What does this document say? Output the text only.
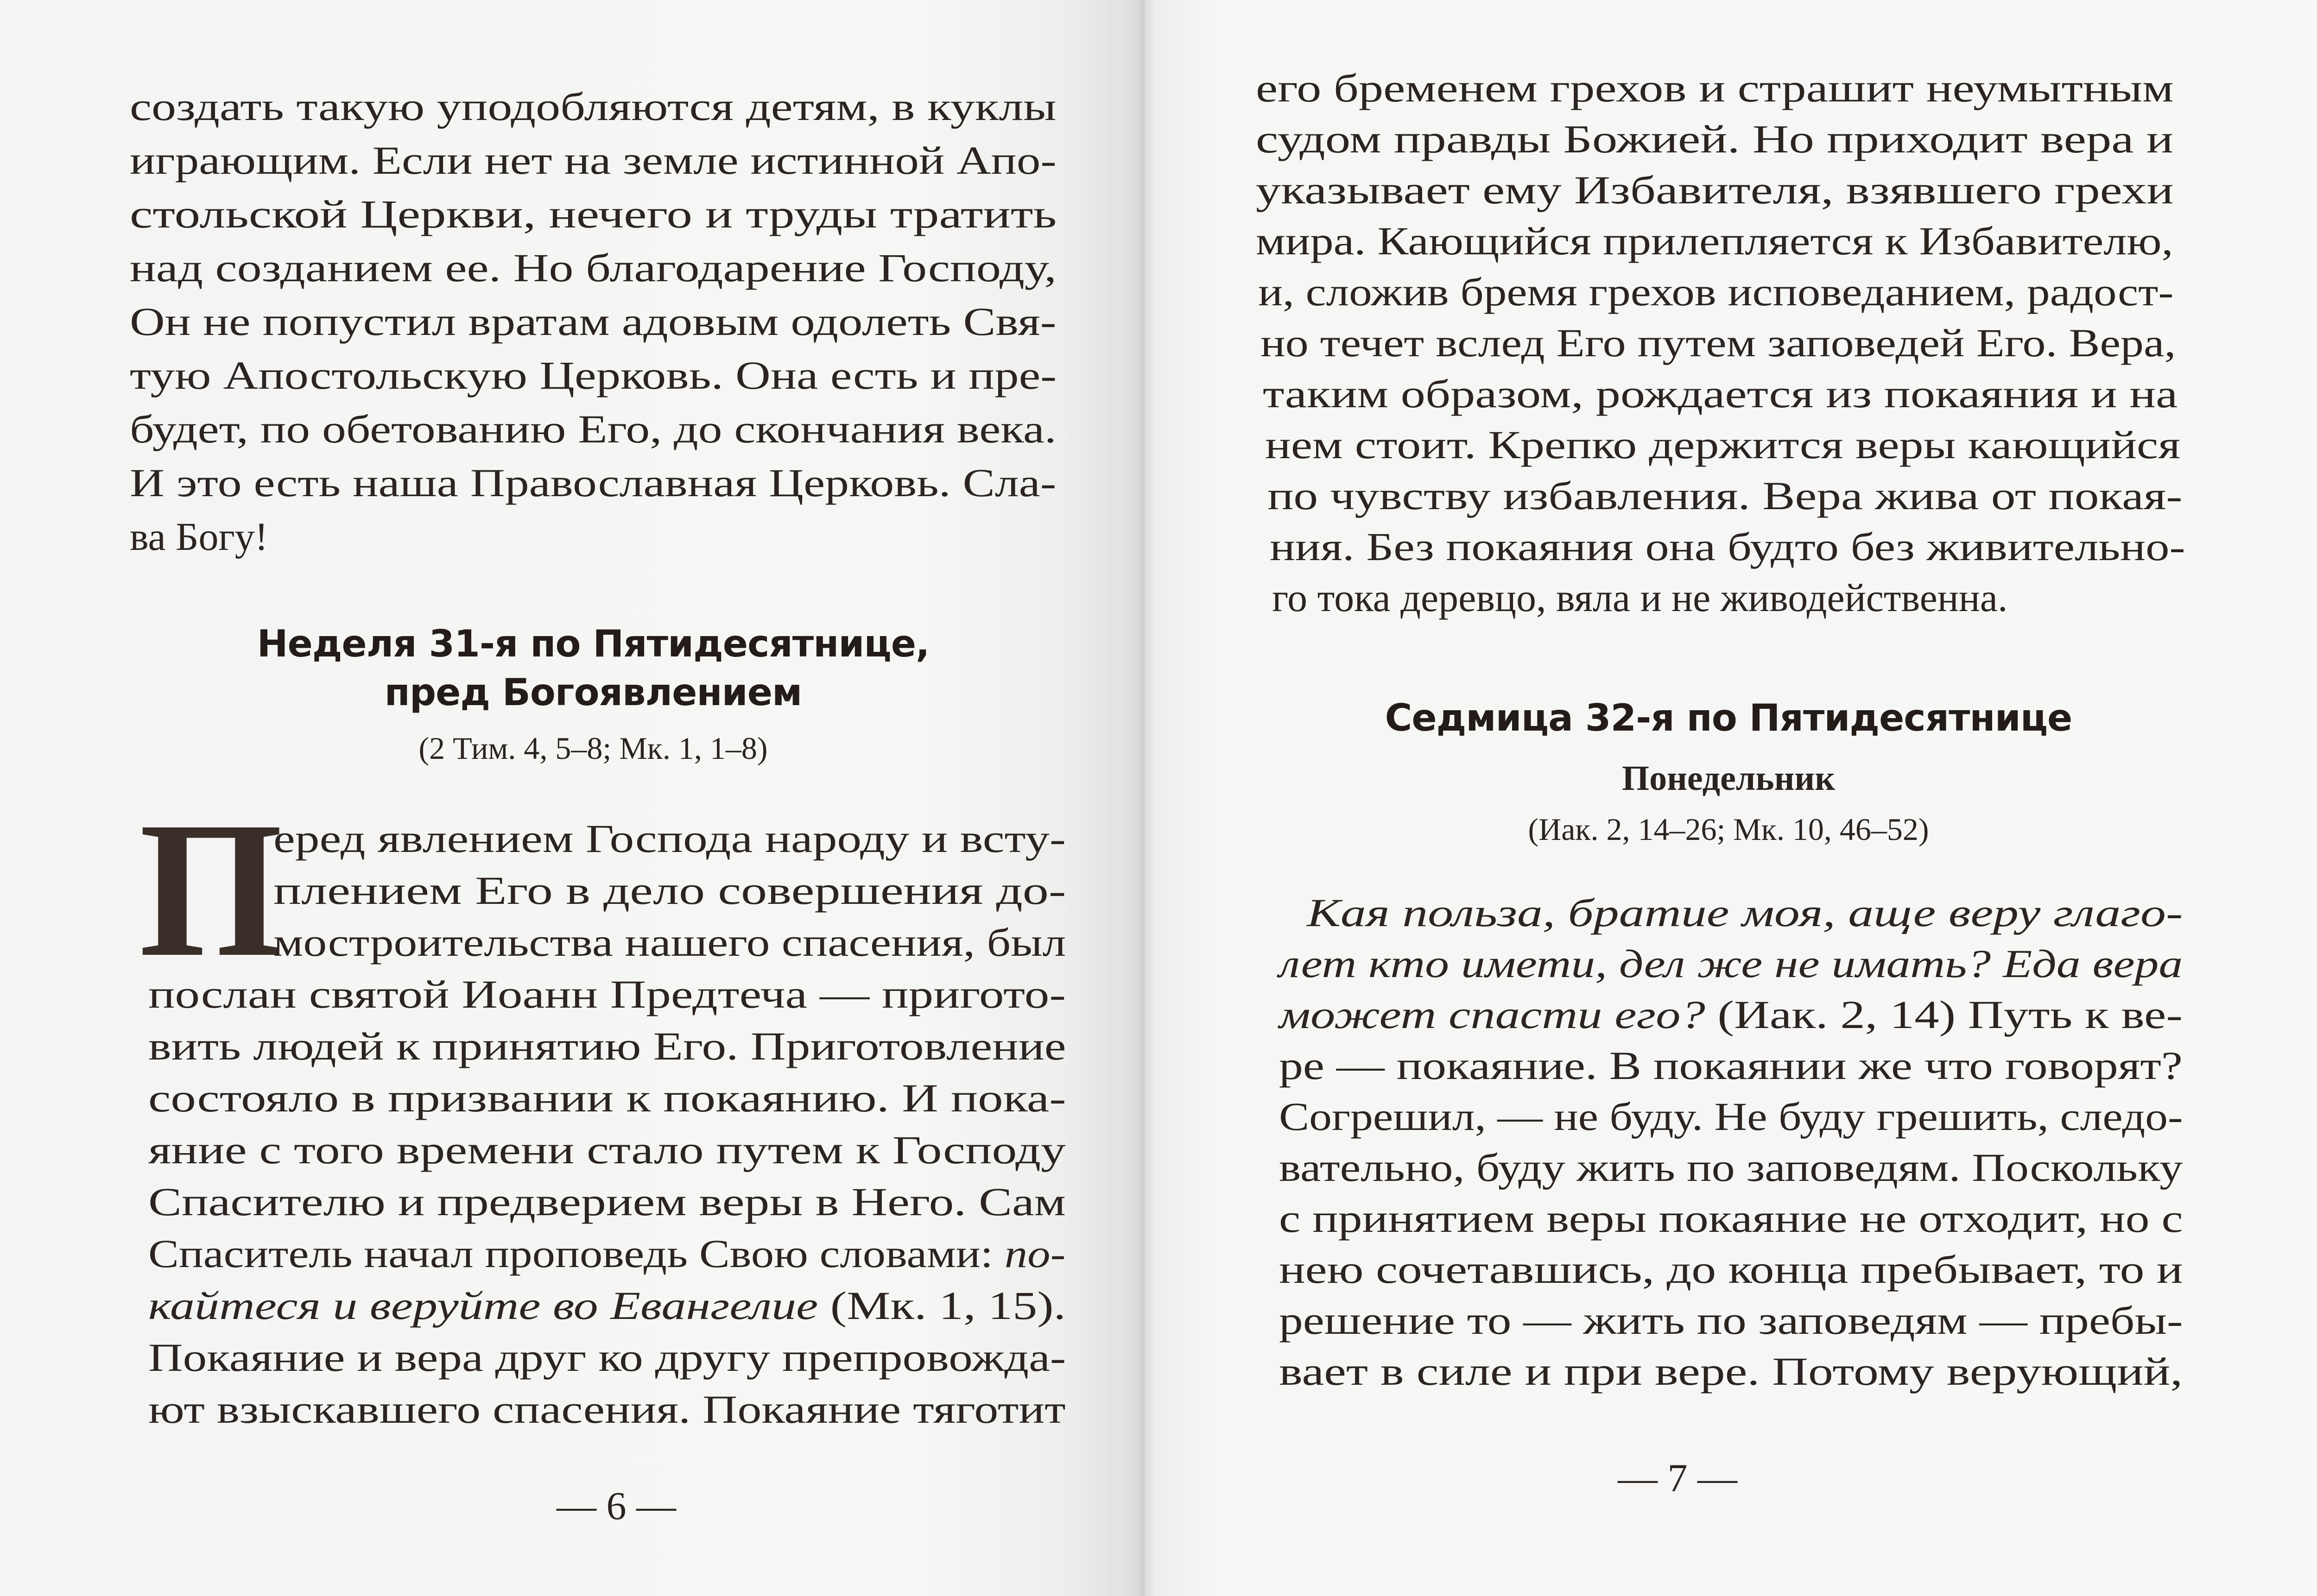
создать такую уподобляются детям, в куклы
играющим. Если нет на земле истинной Апо-
стольской Церкви, нечего и труды тратить
над созданием ее. Но благодарение Господу,
Он не попустил вратам адовым одолеть Свя-
тую Апостольскую Церковь. Она есть и пре-
будет, по обетованию Его, до скончания века.
И это есть наша Православная Церковь. Сла-
ва Богу!
Неделя 31-я по Пятидесятнице,
пред Богоявлением
(2 Тим. 4, 5–8; Мк. 1, 1–8)
П
еред явлением Господа народу и всту-
плением Его в дело совершения до-
мостроительства нашего спасения, был
послан святой Иоанн Предтеча — пригото-
вить людей к принятию Его. Приготовление
состояло в призвании к покаянию. И пока-
яние с того времени стало путем к Господу
Спасителю и предверием веры в Него. Сам
Спаситель начал проповедь Свою словами: по-
кайтеся и веруйте во Евангелие (Мк. 1, 15).
Покаяние и вера друг ко другу препровожда-
ют взыскавшего спасения. Покаяние тяготит
— 6 —
его бременем грехов и страшит неумытным
судом правды Божией. Но приходит вера и
указывает ему Избавителя, взявшего грехи
мира. Кающийся прилепляется к Избавителю,
и, сложив бремя грехов исповеданием, радост-
но течет вслед Его путем заповедей Его. Вера,
таким образом, рождается из покаяния и на
нем стоит. Крепко держится веры кающийся
по чувству избавления. Вера жива от покая-
ния. Без покаяния она будто без живительно-
го тока деревцо, вяла и не живодейственна.
Седмица 32-я по Пятидесятнице
Понедельник
(Иак. 2, 14–26; Мк. 10, 46–52)
Кая польза, братие моя, аще веру глаго-
лет кто имети, дел же не имать? Еда вера
может спасти его? (Иак. 2, 14) Путь к ве-
ре — покаяние. В покаянии же что говорят?
Согрешил, — не буду. Не буду грешить, следо-
вательно, буду жить по заповедям. Поскольку
с принятием веры покаяние не отходит, но с
нею сочетавшись, до конца пребывает, то и
решение то — жить по заповедям — пребы-
вает в силе и при вере. Потому верующий,
— 7 —
